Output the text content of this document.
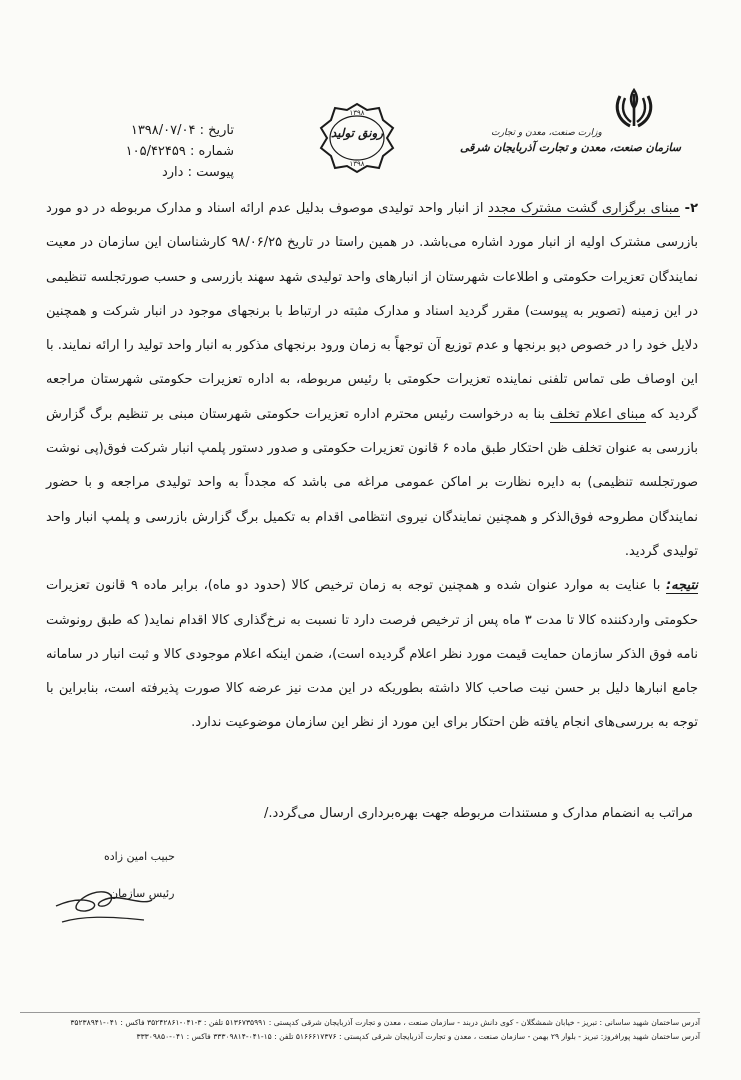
وزارت صنعت، معدن و تجارت
سازمان صنعت، معدن و تجارت آذربایجان شرقی
۱۳۹۸
۱۳۹۸
رونق تولید
تاریخ : ۱۳۹۸/۰۷/۰۴
شماره : ۱۰۵/۴۲۴۵۹
پیوست : دارد

۲- مبنای برگزاری گشت مشترک مجدد از انبار واحد تولیدی موصوف بدلیل عدم ارائه اسناد و مدارک مربوطه در دو مورد بازرسی مشترک اولیه از انبار مورد اشاره می‌باشد. در همین راستا در تاریخ ۹۸/۰۶/۲۵ کارشناسان این سازمان در معیت نمایندگان تعزیرات حکومتی و اطلاعات شهرستان از انبارهای واحد تولیدی شهد سهند بازرسی و حسب صورتجلسه تنظیمی در این زمینه (تصویر به پیوست) مقرر گردید اسناد و مدارک مثبته در ارتباط با برنجهای موجود در انبار شرکت و همچنین دلایل خود را در خصوص دپو برنجها و عدم توزیع آن توجهاً به زمان ورود برنجهای مذکور به انبار واحد تولید را ارائه نمایند. با این اوصاف طی تماس تلفنی نماینده تعزیرات حکومتی با رئیس مربوطه، به اداره تعزیرات حکومتی شهرستان مراجعه گردید که مبنای اعلام تخلف بنا به درخواست رئیس محترم اداره تعزیرات حکومتی شهرستان مبنی بر تنظیم برگ گزارش بازرسی به عنوان تخلف ظن احتکار طبق ماده ۶ قانون تعزیرات حکومتی و صدور دستور پلمپ انبار شرکت فوق(پی نوشت صورتجلسه تنظیمی) به دایره نظارت بر اماکن عمومی مراغه می باشد که مجدداً به واحد تولیدی مراجعه و با حضور نمایندگان مطروحه فوق‌الذکر و همچنین نمایندگان نیروی انتظامی اقدام به تکمیل برگ گزارش بازرسی و پلمپ انبار واحد تولیدی گردید.

نتیجه: با عنایت به موارد عنوان شده و همچنین توجه به زمان ترخیص کالا (حدود دو ماه)، برابر ماده ۹ قانون تعزیرات حکومتی واردکننده کالا تا مدت ۳ ماه پس از ترخیص فرصت دارد تا نسبت به نرخ‌گذاری کالا اقدام نماید( که طبق رونوشت نامه فوق الذکر سازمان حمایت قیمت مورد نظر اعلام گردیده است)، ضمن اینکه اعلام موجودی کالا و ثبت انبار در سامانه جامع انبارها دلیل بر حسن نیت صاحب کالا داشته بطوریکه در این مدت نیز عرضه کالا صورت پذیرفته است، بنابراین با توجه به بررسی‌های انجام یافته ظن احتکار برای این مورد از نظر این سازمان موضوعیت ندارد.

مراتب به انضمام مدارک و مستندات مربوطه جهت بهره‌برداری ارسال می‌گردد./
حبیب امین زاده
رئیس سازمان
آدرس ساختمان شهید ساسانی : تبریز - خیابان شمشگلان - کوی دانش دربند - سازمان صنعت ، معدن و تجارت آذربایجان شرقی کدپستی : ۵۱۳۶۷۳۵۹۹۱ تلفن : ۳-۰۴۱-۳۵۲۴۲۸۶۱ فاکس : ۰۴۱-۳۵۲۳۸۹۴۱
آدرس ساختمان شهید پورافروز: تبریز - بلوار ۲۹ بهمن - سازمان صنعت ، معدن و تجارت آذربایجان شرقی کدپستی : ۵۱۶۶۶۱۷۳۷۶ تلفن : ۱۵-۰۴۱-۳۳۳۰۹۸۱۴ فاکس : ۰۴۱-۳۳۳۰۹۸۵۰
